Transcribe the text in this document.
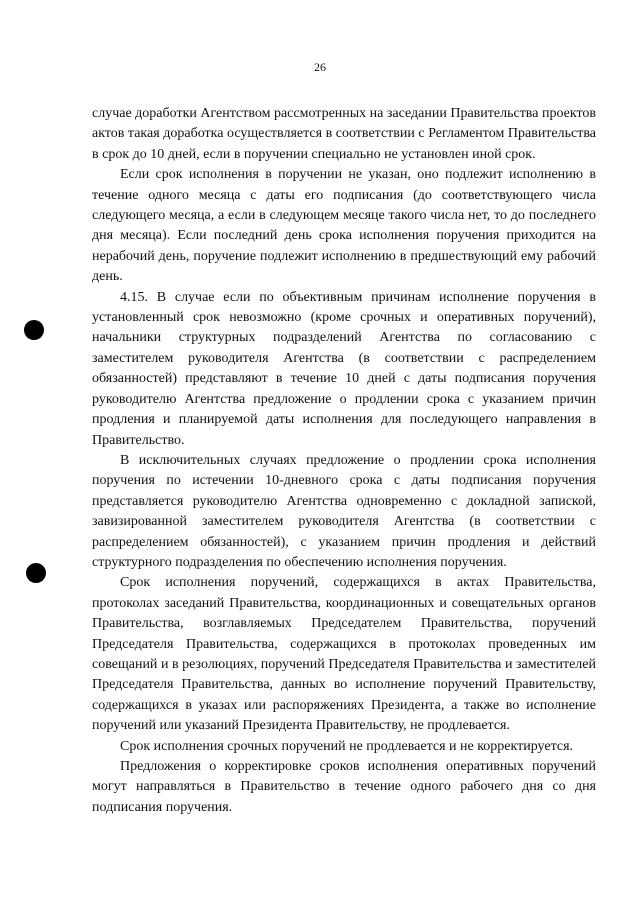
26

случае доработки Агентством рассмотренных на заседании Правительства проектов актов такая доработка осуществляется в соответствии с Регламентом Правительства в срок до 10 дней, если в поручении специально не установлен иной срок.

Если срок исполнения в поручении не указан, оно подлежит исполнению в течение одного месяца с даты его подписания (до соответствующего числа следующего месяца, а если в следующем месяце такого числа нет, то до последнего дня месяца). Если последний день срока исполнения поручения приходится на нерабочий день, поручение подлежит исполнению в предшествующий ему рабочий день.

4.15. В случае если по объективным причинам исполнение поручения в установленный срок невозможно (кроме срочных и оперативных поручений), начальники структурных подразделений Агентства по согласованию с заместителем руководителя Агентства (в соответствии с распределением обязанностей) представляют в течение 10 дней с даты подписания поручения руководителю Агентства предложение о продлении срока с указанием причин продления и планируемой даты исполнения для последующего направления в Правительство.

В исключительных случаях предложение о продлении срока исполнения поручения по истечении 10-дневного срока с даты подписания поручения представляется руководителю Агентства одновременно с докладной запиской, завизированной заместителем руководителя Агентства (в соответствии с распределением обязанностей), с указанием причин продления и действий структурного подразделения по обеспечению исполнения поручения.

Срок исполнения поручений, содержащихся в актах Правительства, протоколах заседаний Правительства, координационных и совещательных органов Правительства, возглавляемых Председателем Правительства, поручений Председателя Правительства, содержащихся в протоколах проведенных им совещаний и в резолюциях, поручений Председателя Правительства и заместителей Председателя Правительства, данных во исполнение поручений Правительству, содержащихся в указах или распоряжениях Президента, а также во исполнение поручений или указаний Президента Правительству, не продлевается.

Срок исполнения срочных поручений не продлевается и не корректируется.

Предложения о корректировке сроков исполнения оперативных поручений могут направляться в Правительство в течение одного рабочего дня со дня подписания поручения.
